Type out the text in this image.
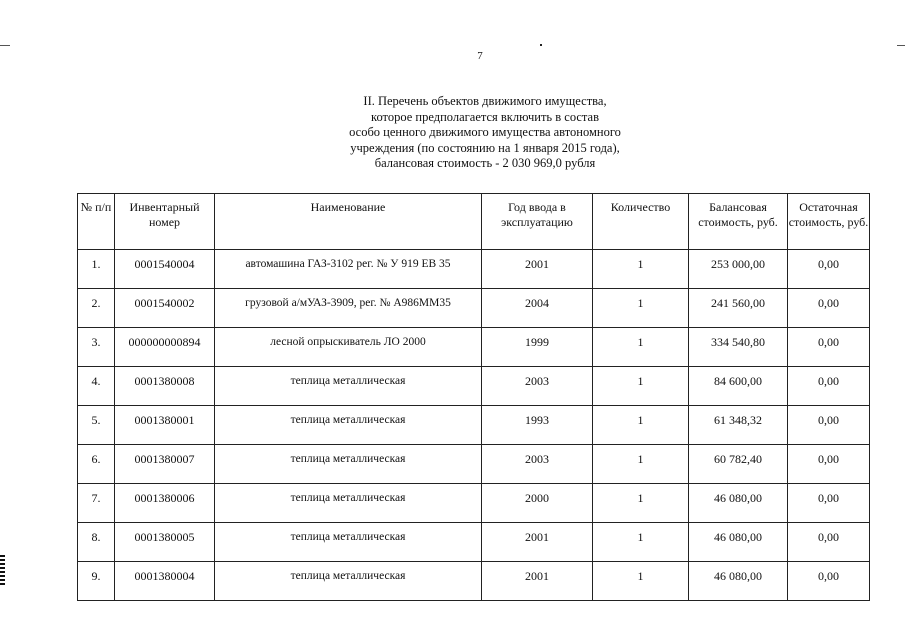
7
II. Перечень объектов движимого имущества,
которое предполагается включить в состав
особо ценного движимого имущества автономного
учреждения (по состоянию на 1 января 2015 года),
балансовая стоимость - 2 030 969,0 рубля
№ п/п	Инвентарный номер	Наименование	Год ввода в эксплуатацию	Количество	Балансовая стоимость, руб.	Остаточная стоимость, руб.
1.	0001540004	автомашина ГАЗ-3102 рег. № У 919 ЕВ 35	2001	1	253 000,00	0,00
2.	0001540002	грузовой а/мУАЗ-3909, рег. № А986ММ35	2004	1	241 560,00	0,00
3.	000000000894	лесной опрыскиватель ЛО 2000	1999	1	334 540,80	0,00
4.	0001380008	теплица металлическая	2003	1	84 600,00	0,00
5.	0001380001	теплица металлическая	1993	1	61 348,32	0,00
6.	0001380007	теплица металлическая	2003	1	60 782,40	0,00
7.	0001380006	теплица металлическая	2000	1	46 080,00	0,00
8.	0001380005	теплица металлическая	2001	1	46 080,00	0,00
9.	0001380004	теплица металлическая	2001	1	46 080,00	0,00
